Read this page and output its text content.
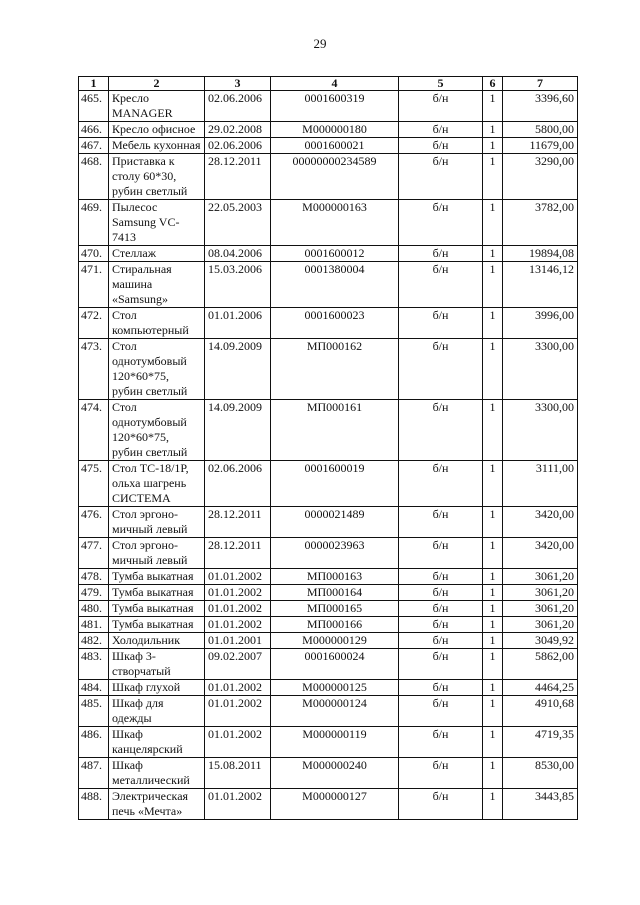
29
1	2	3	4	5	6	7
465.	Кресло MANAGER	02.06.2006	0001600319	б/н	1	3396,60
466.	Кресло офисное	29.02.2008	М000000180	б/н	1	5800,00
467.	Мебель кухонная	02.06.2006	0001600021	б/н	1	11679,00
468.	Приставка к столу 60*30, рубин светлый	28.12.2011	00000000234589	б/н	1	3290,00
469.	Пылесос Samsung VC-7413	22.05.2003	М000000163	б/н	1	3782,00
470.	Стеллаж	08.04.2006	0001600012	б/н	1	19894,08
471.	Стиральная машина «Samsung»	15.03.2006	0001380004	б/н	1	13146,12
472.	Стол компьютерный	01.01.2006	0001600023	б/н	1	3996,00
473.	Стол однотумбовый 120*60*75, рубин светлый	14.09.2009	МП000162	б/н	1	3300,00
474.	Стол однотумбовый 120*60*75, рубин светлый	14.09.2009	МП000161	б/н	1	3300,00
475.	Стол ТС-18/1Р, ольха шагрень СИСТЕМА	02.06.2006	0001600019	б/н	1	3111,00
476.	Стол эргоно-мичный левый	28.12.2011	0000021489	б/н	1	3420,00
477.	Стол эргоно-мичный левый	28.12.2011	0000023963	б/н	1	3420,00
478.	Тумба выкатная	01.01.2002	МП000163	б/н	1	3061,20
479.	Тумба выкатная	01.01.2002	МП000164	б/н	1	3061,20
480.	Тумба выкатная	01.01.2002	МП000165	б/н	1	3061,20
481.	Тумба выкатная	01.01.2002	МП000166	б/н	1	3061,20
482.	Холодильник	01.01.2001	М000000129	б/н	1	3049,92
483.	Шкаф 3-створчатый	09.02.2007	0001600024	б/н	1	5862,00
484.	Шкаф глухой	01.01.2002	М000000125	б/н	1	4464,25
485.	Шкаф для одежды	01.01.2002	М000000124	б/н	1	4910,68
486.	Шкаф канцелярский	01.01.2002	М000000119	б/н	1	4719,35
487.	Шкаф металлический	15.08.2011	М000000240	б/н	1	8530,00
488.	Электрическая печь «Мечта»	01.01.2002	М000000127	б/н	1	3443,85
